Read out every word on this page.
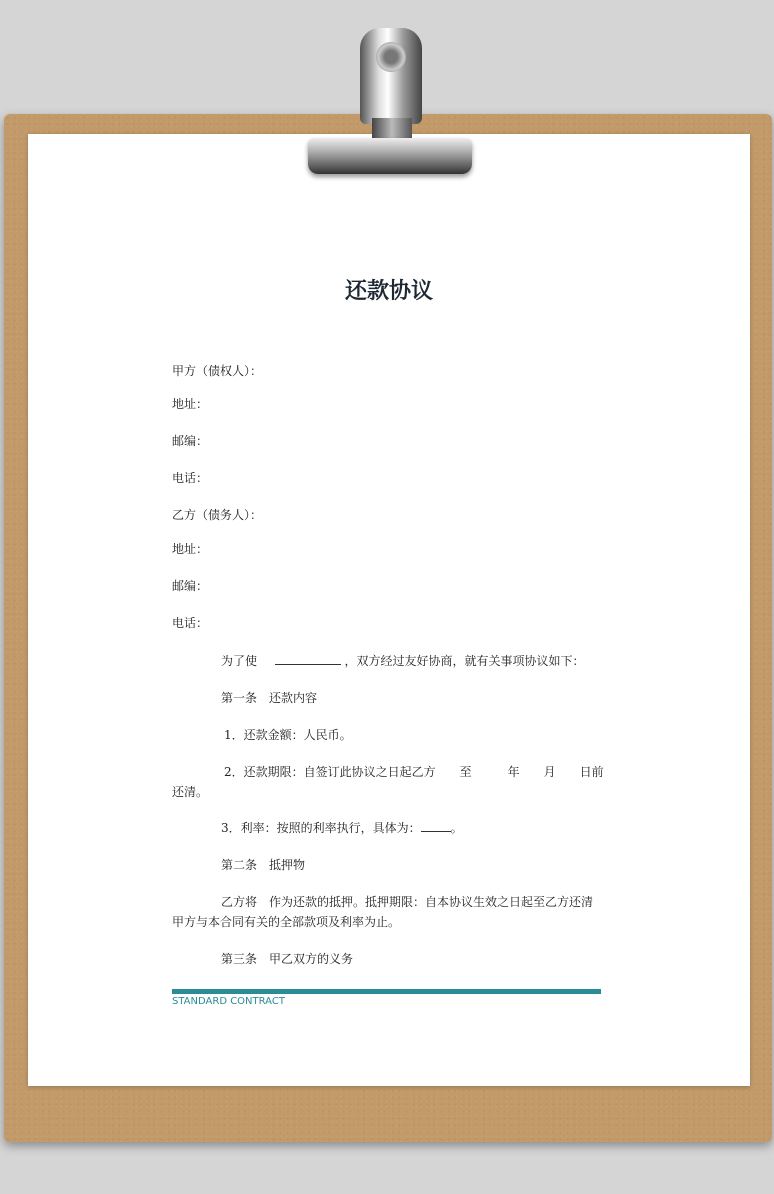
还款协议
甲方（债权人）：
地址：
邮编：
电话：
乙方（债务人）：
地址：
邮编：
电话：
为了使	，双方经过友好协商，就有关事项协议如下：
第一条　还款内容
1．还款金额：人民币。
2．还款期限：自签订此协议之日起乙方　　至　　　年　　月　　日前
还清。
3．利率：按照的利率执行，具体为：	。
第二条　抵押物
乙方将　作为还款的抵押。抵押期限：自本协议生效之日起至乙方还清
甲方与本合同有关的全部款项及利率为止。
第三条　甲乙双方的义务
STANDARD CONTRACT
